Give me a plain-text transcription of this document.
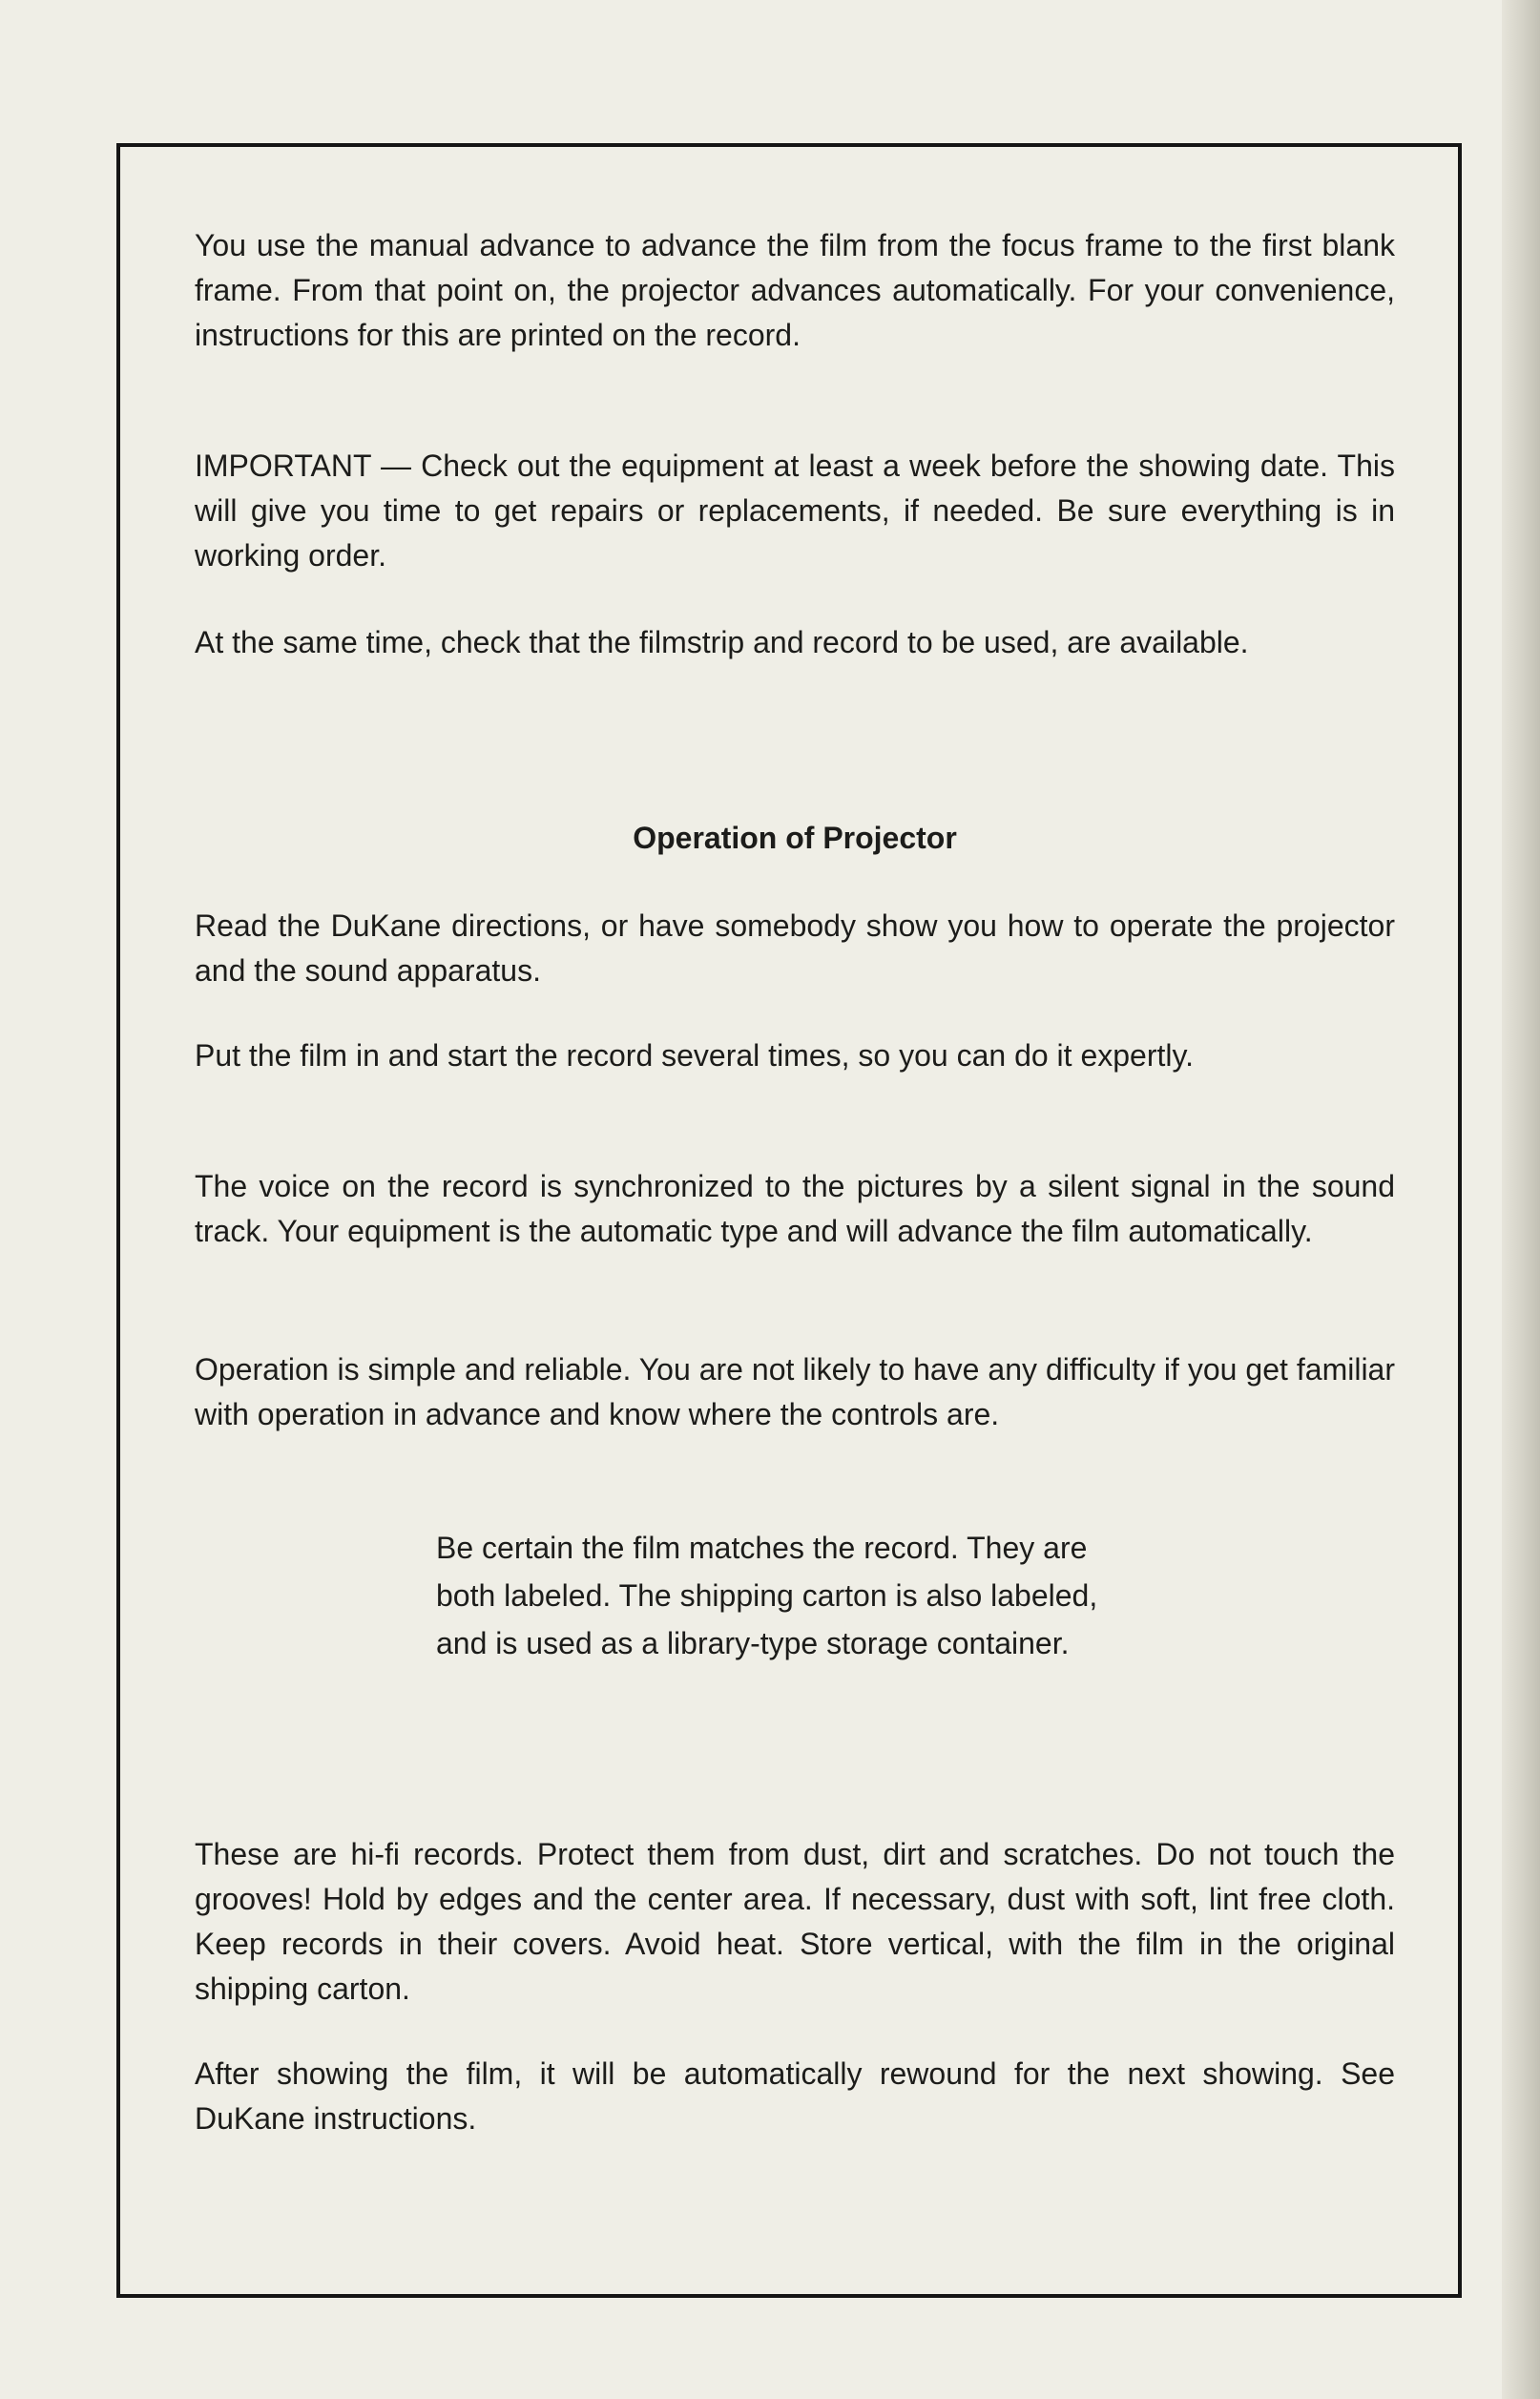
You use the manual advance to advance the film from the focus frame to the first blank frame. From that point on, the projector advances automatically. For your convenience, instructions for this are printed on the record.

IMPORTANT — Check out the equipment at least a week before the showing date. This will give you time to get repairs or replacements, if needed. Be sure everything is in working order.

At the same time, check that the filmstrip and record to be used, are available.

Operation of Projector

Read the DuKane directions, or have somebody show you how to operate the projector and the sound apparatus.

Put the film in and start the record several times, so you can do it expertly.

The voice on the record is synchronized to the pictures by a silent signal in the sound track. Your equipment is the automatic type and will advance the film automatically.

Operation is simple and reliable. You are not likely to have any difficulty if you get familiar with operation in advance and know where the controls are.

Be certain the film matches the record. They are both labeled. The shipping carton is also labeled, and is used as a library-type storage container.

These are hi-fi records. Protect them from dust, dirt and scratches. Do not touch the grooves! Hold by edges and the center area. If necessary, dust with soft, lint free cloth. Keep records in their covers. Avoid heat. Store vertical, with the film in the original shipping carton.

After showing the film, it will be automatically rewound for the next showing. See DuKane instructions.
